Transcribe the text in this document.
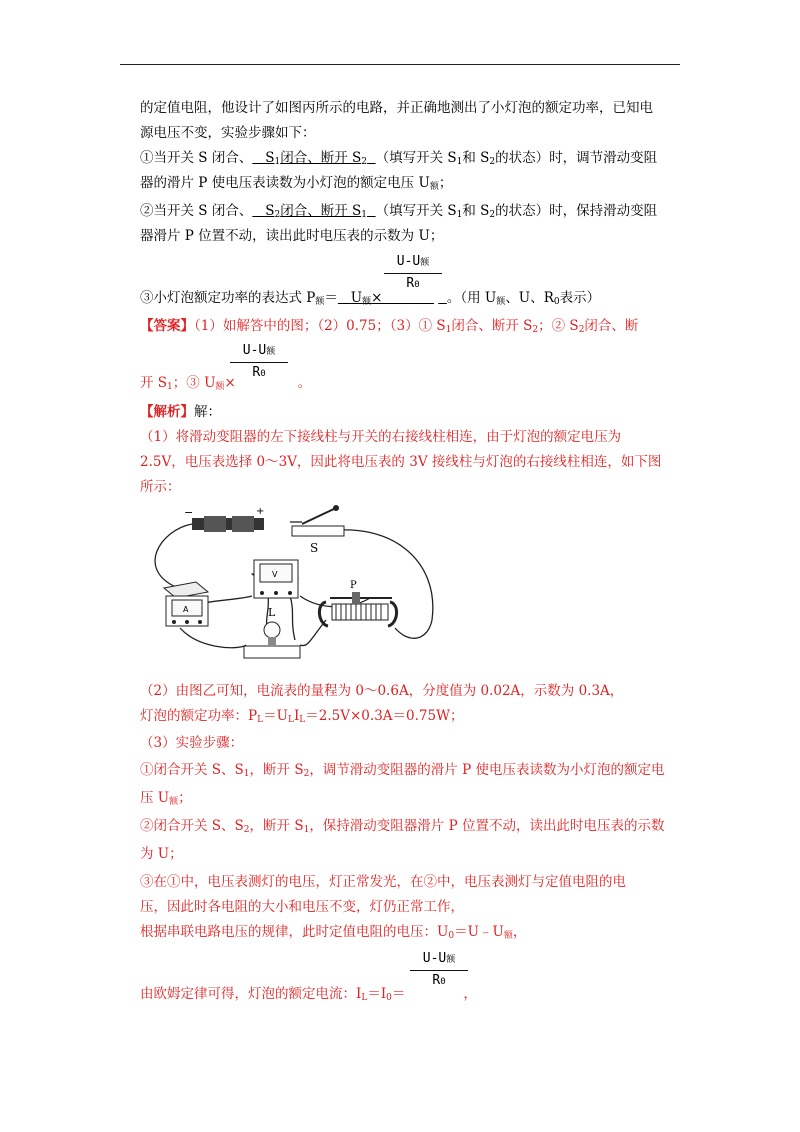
的定值电阻，他设计了如图丙所示的电路，并正确地测出了小灯泡的额定功率，已知电
源电压不变，实验步骤如下：
①当开关 S 闭合、 $S_1$闭合、断开 $S_2$ （填写开关 $S_1$和 $S_2$的状态）时，调节滑动变阻
器的滑片 P 使电压表读数为小灯泡的额定电压 $U_额$；
②当开关 S 闭合、 $S_2$闭合、断开 $S_1$ （填写开关 $S_1$和 $S_2$的状态）时，保持滑动变阻
器滑片 P 位置不动，读出此时电压表的示数为 U；
U-U额
R0
③小灯泡额定功率的表达式 $P_额= U_额\times$	。（用 $U_额$、U、$R_0$表示）
【答案】（1）如解答中的图；（2）0.75；（3）① $S_1$闭合、断开 $S_2$；② $S_2$闭合、断
U-U额
R0
开 $S_1$；③ $U_额\times$	。
【解析】解：
（1）将滑动变阻器的左下接线柱与开关的右接线柱相连，由于灯泡的额定电压为
2.5V，电压表选择 0～3V，因此将电压表的 3V 接线柱与灯泡的右接线柱相连，如下图
所示：
−	+
S
A
V
P
L
（2）由图乙可知，电流表的量程为 0～0.6A，分度值为 0.02A，示数为 0.3A，
灯泡的额定功率：$P_L=U_LI_L=2.5V\times 0.3A=0.75W$；
（3）实验步骤：
①闭合开关 S、$S_1$，断开 $S_2$，调节滑动变阻器的滑片 P 使电压表读数为小灯泡的额定电
压 $U_额$；
②闭合开关 S、$S_2$，断开 $S_1$，保持滑动变阻器滑片 P 位置不动，读出此时电压表的示数
为 U；
③在①中，电压表测灯的电压，灯正常发光，在②中，电压表测灯与定值电阻的电
压，因此时各电阻的大小和电压不变，灯仍正常工作，
根据串联电路电压的规律，此时定值电阻的电压：$U_0=U﹣U_额$，
U-U额
R0
由欧姆定律可得，灯泡的额定电流：$I_L=I_0=$	，
